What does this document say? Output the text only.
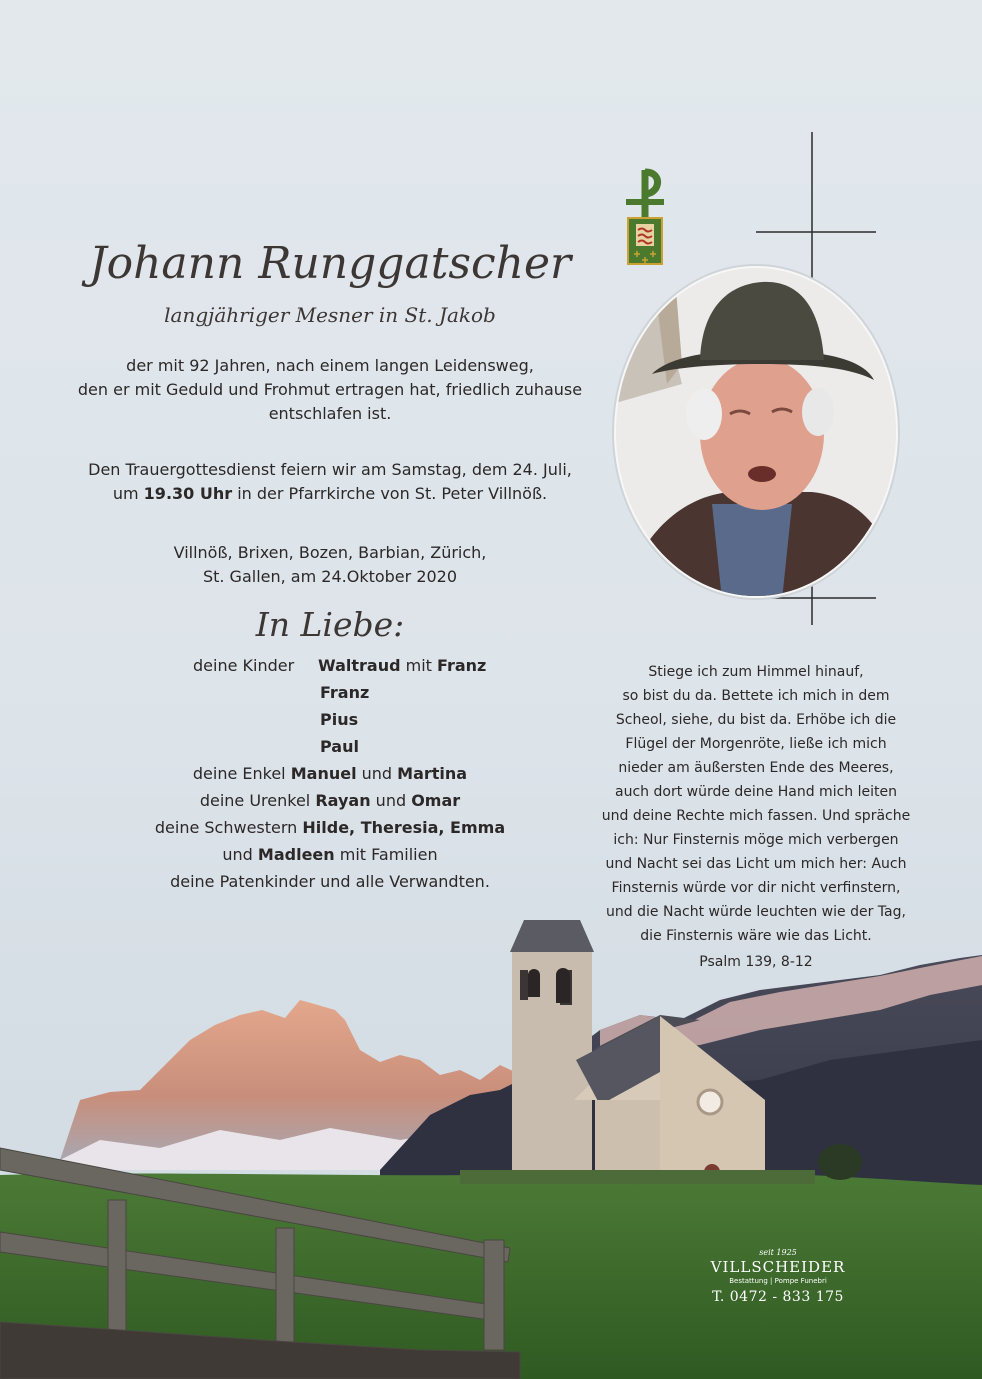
Johann Runggatscher
langjähriger Mesner in St. Jakob
der mit 92 Jahren, nach einem langen Leidensweg,
den er mit Geduld und Frohmut ertragen hat, friedlich zuhause
entschlafen ist.
Den Trauergottesdienst feiern wir am Samstag, dem 24. Juli,
um 19.30 Uhr in der Pfarrkirche von St. Peter Villnöß.
Villnöß, Brixen, Bozen, Barbian, Zürich,
St. Gallen, am 24.Oktober 2020
In Liebe:
deine Kinder Waltraud mit Franz
Franz
Pius
Paul
deine Enkel Manuel und Martina
deine Urenkel Rayan und Omar
deine Schwestern Hilde, Theresia, Emma
und Madleen mit Familien
deine Patenkinder und alle Verwandten.
Stiege ich zum Himmel hinauf,
so bist du da. Bettete ich mich in dem
Scheol, siehe, du bist da. Erhöbe ich die
Flügel der Morgenröte, ließe ich mich
nieder am äußersten Ende des Meeres,
auch dort würde deine Hand mich leiten
und deine Rechte mich fassen. Und spräche
ich: Nur Finsternis möge mich verbergen
und Nacht sei das Licht um mich her: Auch
Finsternis würde vor dir nicht verfinstern,
und die Nacht würde leuchten wie der Tag,
die Finsternis wäre wie das Licht.
Psalm 139, 8-12
seit 1925
VILLSCHEIDER
Bestattung | Pompe Funebri
T. 0472 - 833 175
